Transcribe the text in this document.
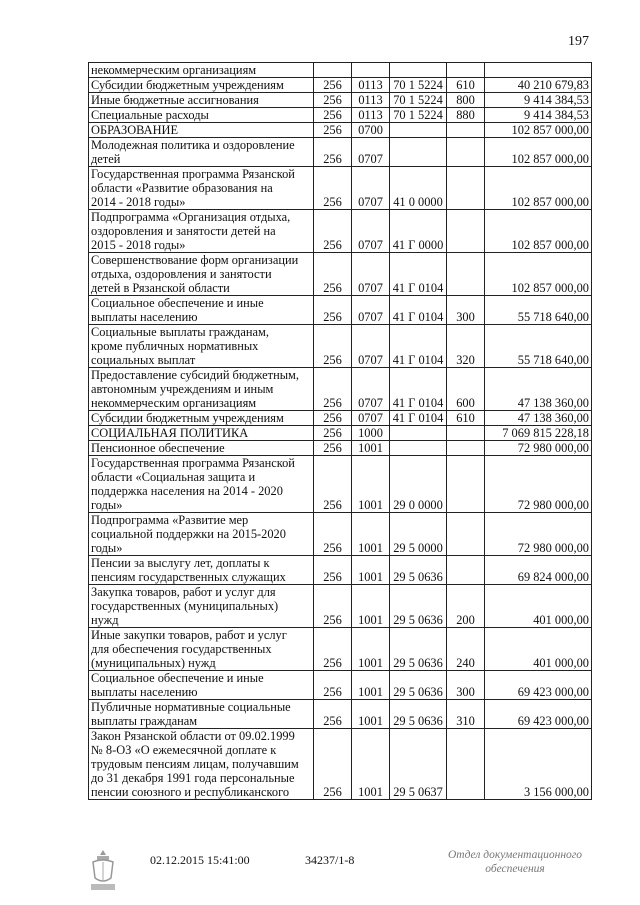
197
некоммерческим организациям					
Субсидии бюджетным учреждениям	256	0113	70 1 5224	610	40 210 679,83
Иные бюджетные ассигнования	256	0113	70 1 5224	800	9 414 384,53
Специальные расходы	256	0113	70 1 5224	880	9 414 384,53
ОБРАЗОВАНИЕ	256	0700			102 857 000,00
Молодежная политика и оздоровление
детей	256	0707			102 857 000,00
Государственная программа Рязанской
области «Развитие образования на
2014 - 2018 годы»	256	0707	41 0 0000		102 857 000,00
Подпрограмма «Организация отдыха,
оздоровления и занятости детей на
2015 - 2018 годы»	256	0707	41 Г 0000		102 857 000,00
Совершенствование форм организации
отдыха, оздоровления и занятости
детей в Рязанской области	256	0707	41 Г 0104		102 857 000,00
Социальное обеспечение и иные
выплаты населению	256	0707	41 Г 0104	300	55 718 640,00
Социальные выплаты гражданам,
кроме публичных нормативных
социальных выплат	256	0707	41 Г 0104	320	55 718 640,00
Предоставление субсидий бюджетным,
автономным учреждениям и иным
некоммерческим организациям	256	0707	41 Г 0104	600	47 138 360,00
Субсидии бюджетным учреждениям	256	0707	41 Г 0104	610	47 138 360,00
СОЦИАЛЬНАЯ ПОЛИТИКА	256	1000			7 069 815 228,18
Пенсионное обеспечение	256	1001			72 980 000,00
Государственная программа Рязанской
области «Социальная защита и
поддержка населения на 2014 - 2020
годы»	256	1001	29 0 0000		72 980 000,00
Подпрограмма «Развитие мер
социальной поддержки на 2015-2020
годы»	256	1001	29 5 0000		72 980 000,00
Пенсии за выслугу лет, доплаты к
пенсиям государственных служащих	256	1001	29 5 0636		69 824 000,00
Закупка товаров, работ и услуг для
государственных (муниципальных)
нужд	256	1001	29 5 0636	200	401 000,00
Иные закупки товаров, работ и услуг
для обеспечения государственных
(муниципальных) нужд	256	1001	29 5 0636	240	401 000,00
Социальное обеспечение и иные
выплаты населению	256	1001	29 5 0636	300	69 423 000,00
Публичные нормативные социальные
выплаты гражданам	256	1001	29 5 0636	310	69 423 000,00
Закон Рязанской области от 09.02.1999
№ 8-ОЗ «О ежемесячной доплате к
трудовым пенсиям лицам, получавшим
до 31 декабря 1991 года персональные
пенсии союзного и республиканского	256	1001	29 5 0637		3 156 000,00
02.12.2015 15:41:00	34237/1-8	Отдел документационного
обеспечения
